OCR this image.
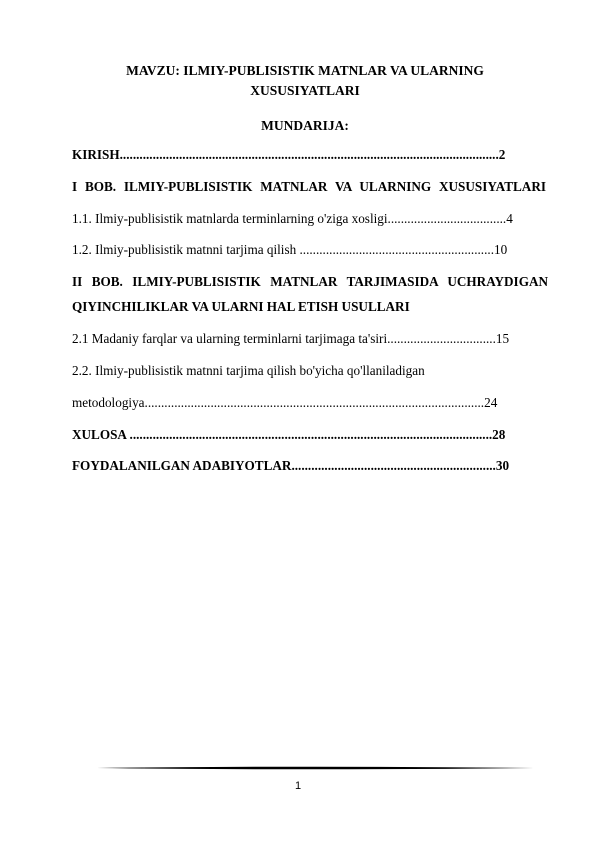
MAVZU: ILMIY-PUBLISISTIK MATNLAR VA ULARNING
XUSUSIYATLARI
MUNDARIJA:
KIRISH...................................................................................................................2
I BOB. ILMIY-PUBLISISTIK MATNLAR VA ULARNING XUSUSIYATLARI
1.1. Ilmiy-publisistik matnlarda terminlarning o'ziga xosligi....................................4
1.2. Ilmiy-publisistik matnni tarjima qilish ...........................................................10
II BOB. ILMIY-PUBLISISTIK MATNLAR TARJIMASIDA UCHRAYDIGAN
QIYINCHILIKLAR VA ULARNI HAL ETISH USULLARI
2.1 Madaniy farqlar va ularning terminlarni tarjimaga ta'siri.................................15
2.2. Ilmiy-publisistik matnni tarjima qilish bo'yicha qo'llaniladigan
metodologiya.......................................................................................................24
XULOSA ..............................................................................................................28
FOYDALANILGAN ADABIYOTLAR..............................................................30
1
